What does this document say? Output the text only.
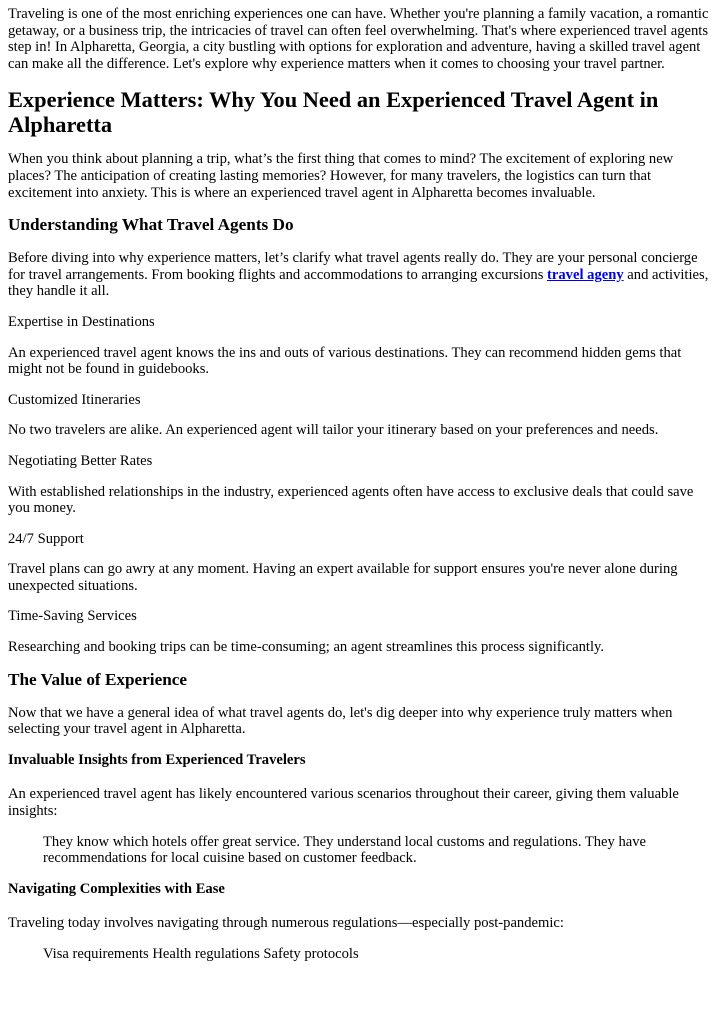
Traveling is one of the most enriching experiences one can have. Whether you're planning a family vacation, a romantic getaway, or a business trip, the intricacies of travel can often feel overwhelming. That's where experienced travel agents step in! In Alpharetta, Georgia, a city bustling with options for exploration and adventure, having a skilled travel agent can make all the difference. Let's explore why experience matters when it comes to choosing your travel partner.

Experience Matters: Why You Need an Experienced Travel Agent in Alpharetta

When you think about planning a trip, what’s the first thing that comes to mind? The excitement of exploring new places? The anticipation of creating lasting memories? However, for many travelers, the logistics can turn that excitement into anxiety. This is where an experienced travel agent in Alpharetta becomes invaluable.

Understanding What Travel Agents Do

Before diving into why experience matters, let’s clarify what travel agents really do. They are your personal concierge for travel arrangements. From booking flights and accommodations to arranging excursions travel ageny and activities, they handle it all.

Expertise in Destinations

An experienced travel agent knows the ins and outs of various destinations. They can recommend hidden gems that might not be found in guidebooks.

Customized Itineraries

No two travelers are alike. An experienced agent will tailor your itinerary based on your preferences and needs.

Negotiating Better Rates

With established relationships in the industry, experienced agents often have access to exclusive deals that could save you money.

24/7 Support

Travel plans can go awry at any moment. Having an expert available for support ensures you're never alone during unexpected situations.

Time-Saving Services

Researching and booking trips can be time-consuming; an agent streamlines this process significantly.

The Value of Experience

Now that we have a general idea of what travel agents do, let's dig deeper into why experience truly matters when selecting your travel agent in Alpharetta.

Invaluable Insights from Experienced Travelers

An experienced travel agent has likely encountered various scenarios throughout their career, giving them valuable insights:

They know which hotels offer great service. They understand local customs and regulations. They have recommendations for local cuisine based on customer feedback.
Navigating Complexities with Ease

Traveling today involves navigating through numerous regulations—especially post-pandemic:

Visa requirements Health regulations Safety protocols
